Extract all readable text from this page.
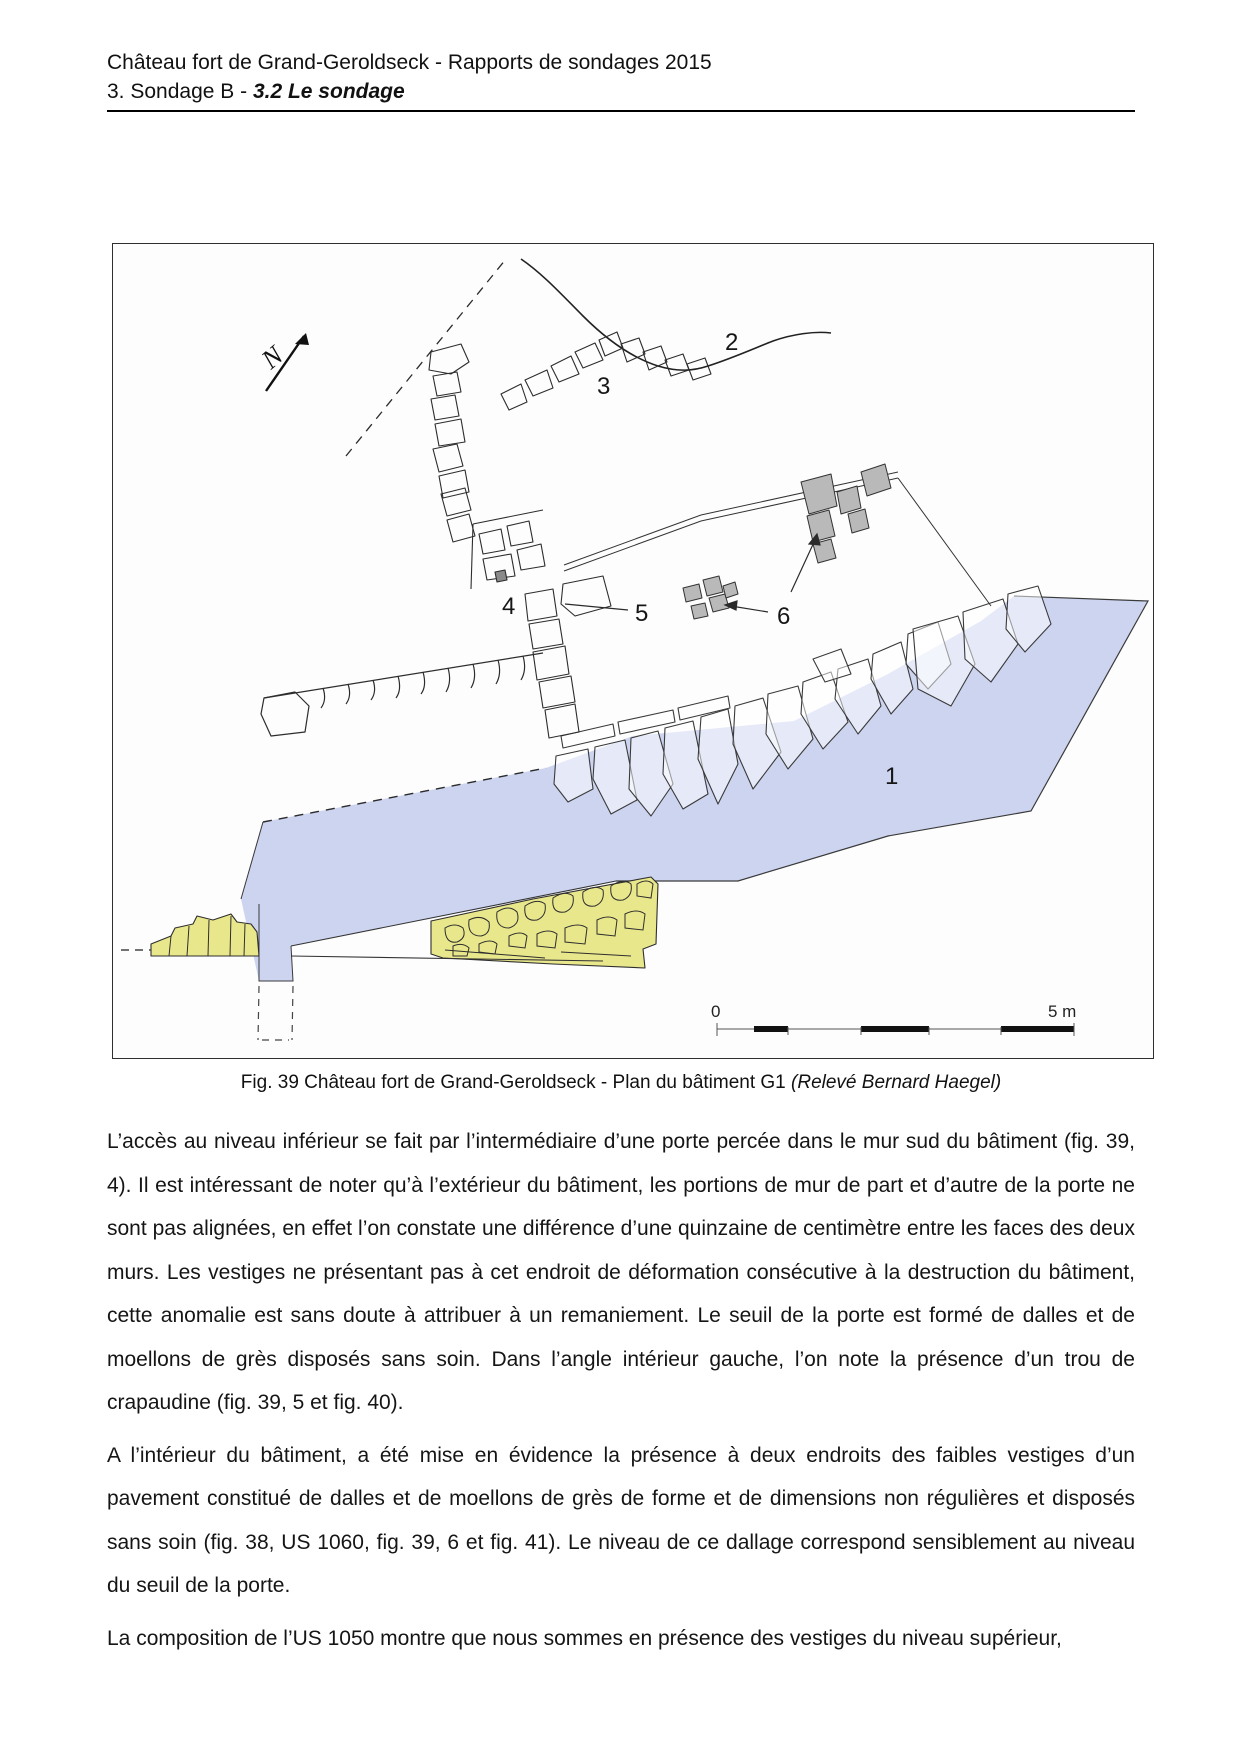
Château fort de Grand-Geroldseck - Rapports de sondages 2015
3. Sondage B - 3.2 Le sondage
N	2
3
4	5	6
1
0	5 m
Fig. 39 Château fort de Grand-Geroldseck - Plan du bâtiment G1 (Relevé Bernard Haegel)

L’accès au niveau inférieur se fait par l’intermédiaire d’une porte percée dans le mur sud du bâtiment (fig. 39, 4). Il est intéressant de noter qu’à l’extérieur du bâtiment, les portions de mur de part et d’autre de la porte ne sont pas alignées, en effet l’on constate une différence d’une quinzaine de centimètre entre les faces des deux murs. Les vestiges ne présentant pas à cet endroit de déformation consécutive à la destruction du bâtiment, cette anomalie est sans doute à attribuer à un remaniement. Le seuil de la porte est formé de dalles et de moellons de grès disposés sans soin. Dans l’angle intérieur gauche, l’on note la présence d’un trou de crapaudine (fig. 39, 5 et fig. 40).

A l’intérieur du bâtiment, a été mise en évidence la présence à deux endroits des faibles vestiges d’un pavement constitué de dalles et de moellons de grès de forme et de dimensions non régulières et disposés sans soin (fig. 38, US 1060, fig. 39, 6 et fig. 41). Le niveau de ce dallage correspond sensiblement au niveau du seuil de la porte.

La composition de l’US 1050 montre que nous sommes en présence des vestiges du niveau supérieur,
